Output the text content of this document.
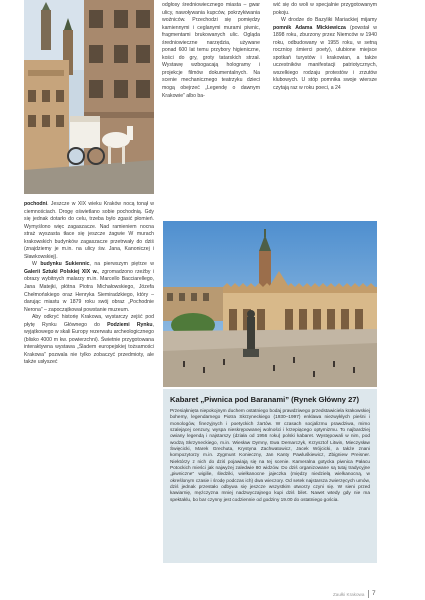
pochodni. Jeszcze w XIX wieku Kraków nocą tonął w ciemnościach. Drogę oświetlano sobie pochodnią. Gdy się jednak dotarło do celu, trzeba było zgasić płomień. Wymyślono więc zagaszacze. Nad ramieniem nocna straż wyszasta tłace się jeszcze żagwie W murach krakowskich budynków zagaszacze przetrwały do dziś (znajdziemy je m.in. na ulicy św. Jana, Kanoniczej i Sławkowskiej).

W budynku Sukiennic, na pierwszym piętrze w Galerii Sztuki Polskiej XIX w., zgromadzono rzeźby i obrazy wybitnych malarzy m.in. Marcello Bacciarellego, Jana Matejki, płótna Piotra Michałowskiego, Józefa Chełmońskiego oraz Henryka Siemiradzkiego, który – darując miastu w 1879 roku swój obraz „Pochodnie Nerona” – zapoczątkował powstanie muzeum.

Aby odkryć historię Krakowa, wystarczy zejść pod płytę Rynku Głównego do Podziemi Rynku, wyjątkowego w skali Europy rezerwatu archeologicznego (blisko 4000 m kw. powierzchni). Świetnie przygotowana interaktywna wystawa „Śladem europejskiej tożsamości Krakowa” pozwala nie tylko zobaczyć przedmioty, ale także usłyszeć

odgłosy średniowiecznego miasta – gwar ulicy, nawoływania kupców, pokrzykiwania woźniców. Przechodzi się pomiędzy kamiennymi i ceglanymi murami piwnic, fragmentami brukowanych ulic. Ogląda średniowieczne narzędzia, używane ponad 600 lat temu przybory higieniczne, kości do gry, groty tatarskich strzał. Wystawę wzbogacają hologramy i projekcje filmów dokumentalnych. Na scenie mechanicznego teatrzyku dzieci mogą obejrzeć „Legendę o dawnym Krakowie” albo ba-

wić się do woli w specjalnie przygotowanym pokoju.

W drodze do Bazyliki Mariackiej mijamy pomnik Adama Mickiewicza (powstał w 1898 roku, zburzony przez Niemców w 1940 roku, odbudowany w 1955 roku, w setną rocznicę śmierci poety), ulubione miejsce spotkań turystów i krakowian, a także uczestników manifestacji patriotycznych, wszelkiego rodzaju protestów i zrzutów klubowych. U stóp pomnika swoje wiersze czytają raz w roku poeci, a 24

Kabaret „Piwnica pod Baranami” (Rynek Główny 27)

Przesiąknięta niepokojnym duchem ostatniego bodaj prawdziwego przedstawiciela krakowskiej bohemy, legendarnego Piotra Skrzyneckiego (1930–1997) enklawa niezwykłych pieśni i monologów, finezyjnych i poetyckich żartów. W czasach socjalizmu prawdziwa, mimo szalejącej cenzury, wyspa nieskrępowanej wolności i krzepiącego optymizmu. To najbardziej owiany legendą i najstarszy (działa od 1956 roku) polski kabaret. Występowali w nim, pod wodzą Skrzyneckiego, m.in. Wiesław Dymny, Ewa Demarczyk, Krzysztof Litwin, Mieczysław Święcicki, Marek Grechuta, Krystyna Zachwatowicz, Jacek Wójcicki, a także znani kompozytorzy m.in. Zygmunt Konieczny, Jan Kanty Pawluśkiewicz, Zbigniew Preisner. Niektórzy z nich do dziś pojawiają się na tej scenie. Kameralna gotycka piwnica Pałacu Potockich mieści jak najwyżej zaledwie 80 widzów. Do dziś organizowane są tutaj tradycyjne „piwniczne” wigilie, śledziki, wielkanocne jajeczka (między niedzielą wielkanocną, w określonym czasie i środę podczas ich) dwa wieczory. Od setek najstarsza zwierzęcych umów, dziś jednak przestało odbywa się jeszcze wszystkim otworzy czyni się. W sieni przed kawiarnię, mężczyzna mniej nadzwyczajnego kupi dziś bilet. Nawet wtedy gdy nie ma spektaklu, bo bar czynny jest codziennie od godziny 19.00 do ostatniego gościa.

Zaułki Krakowa 7
